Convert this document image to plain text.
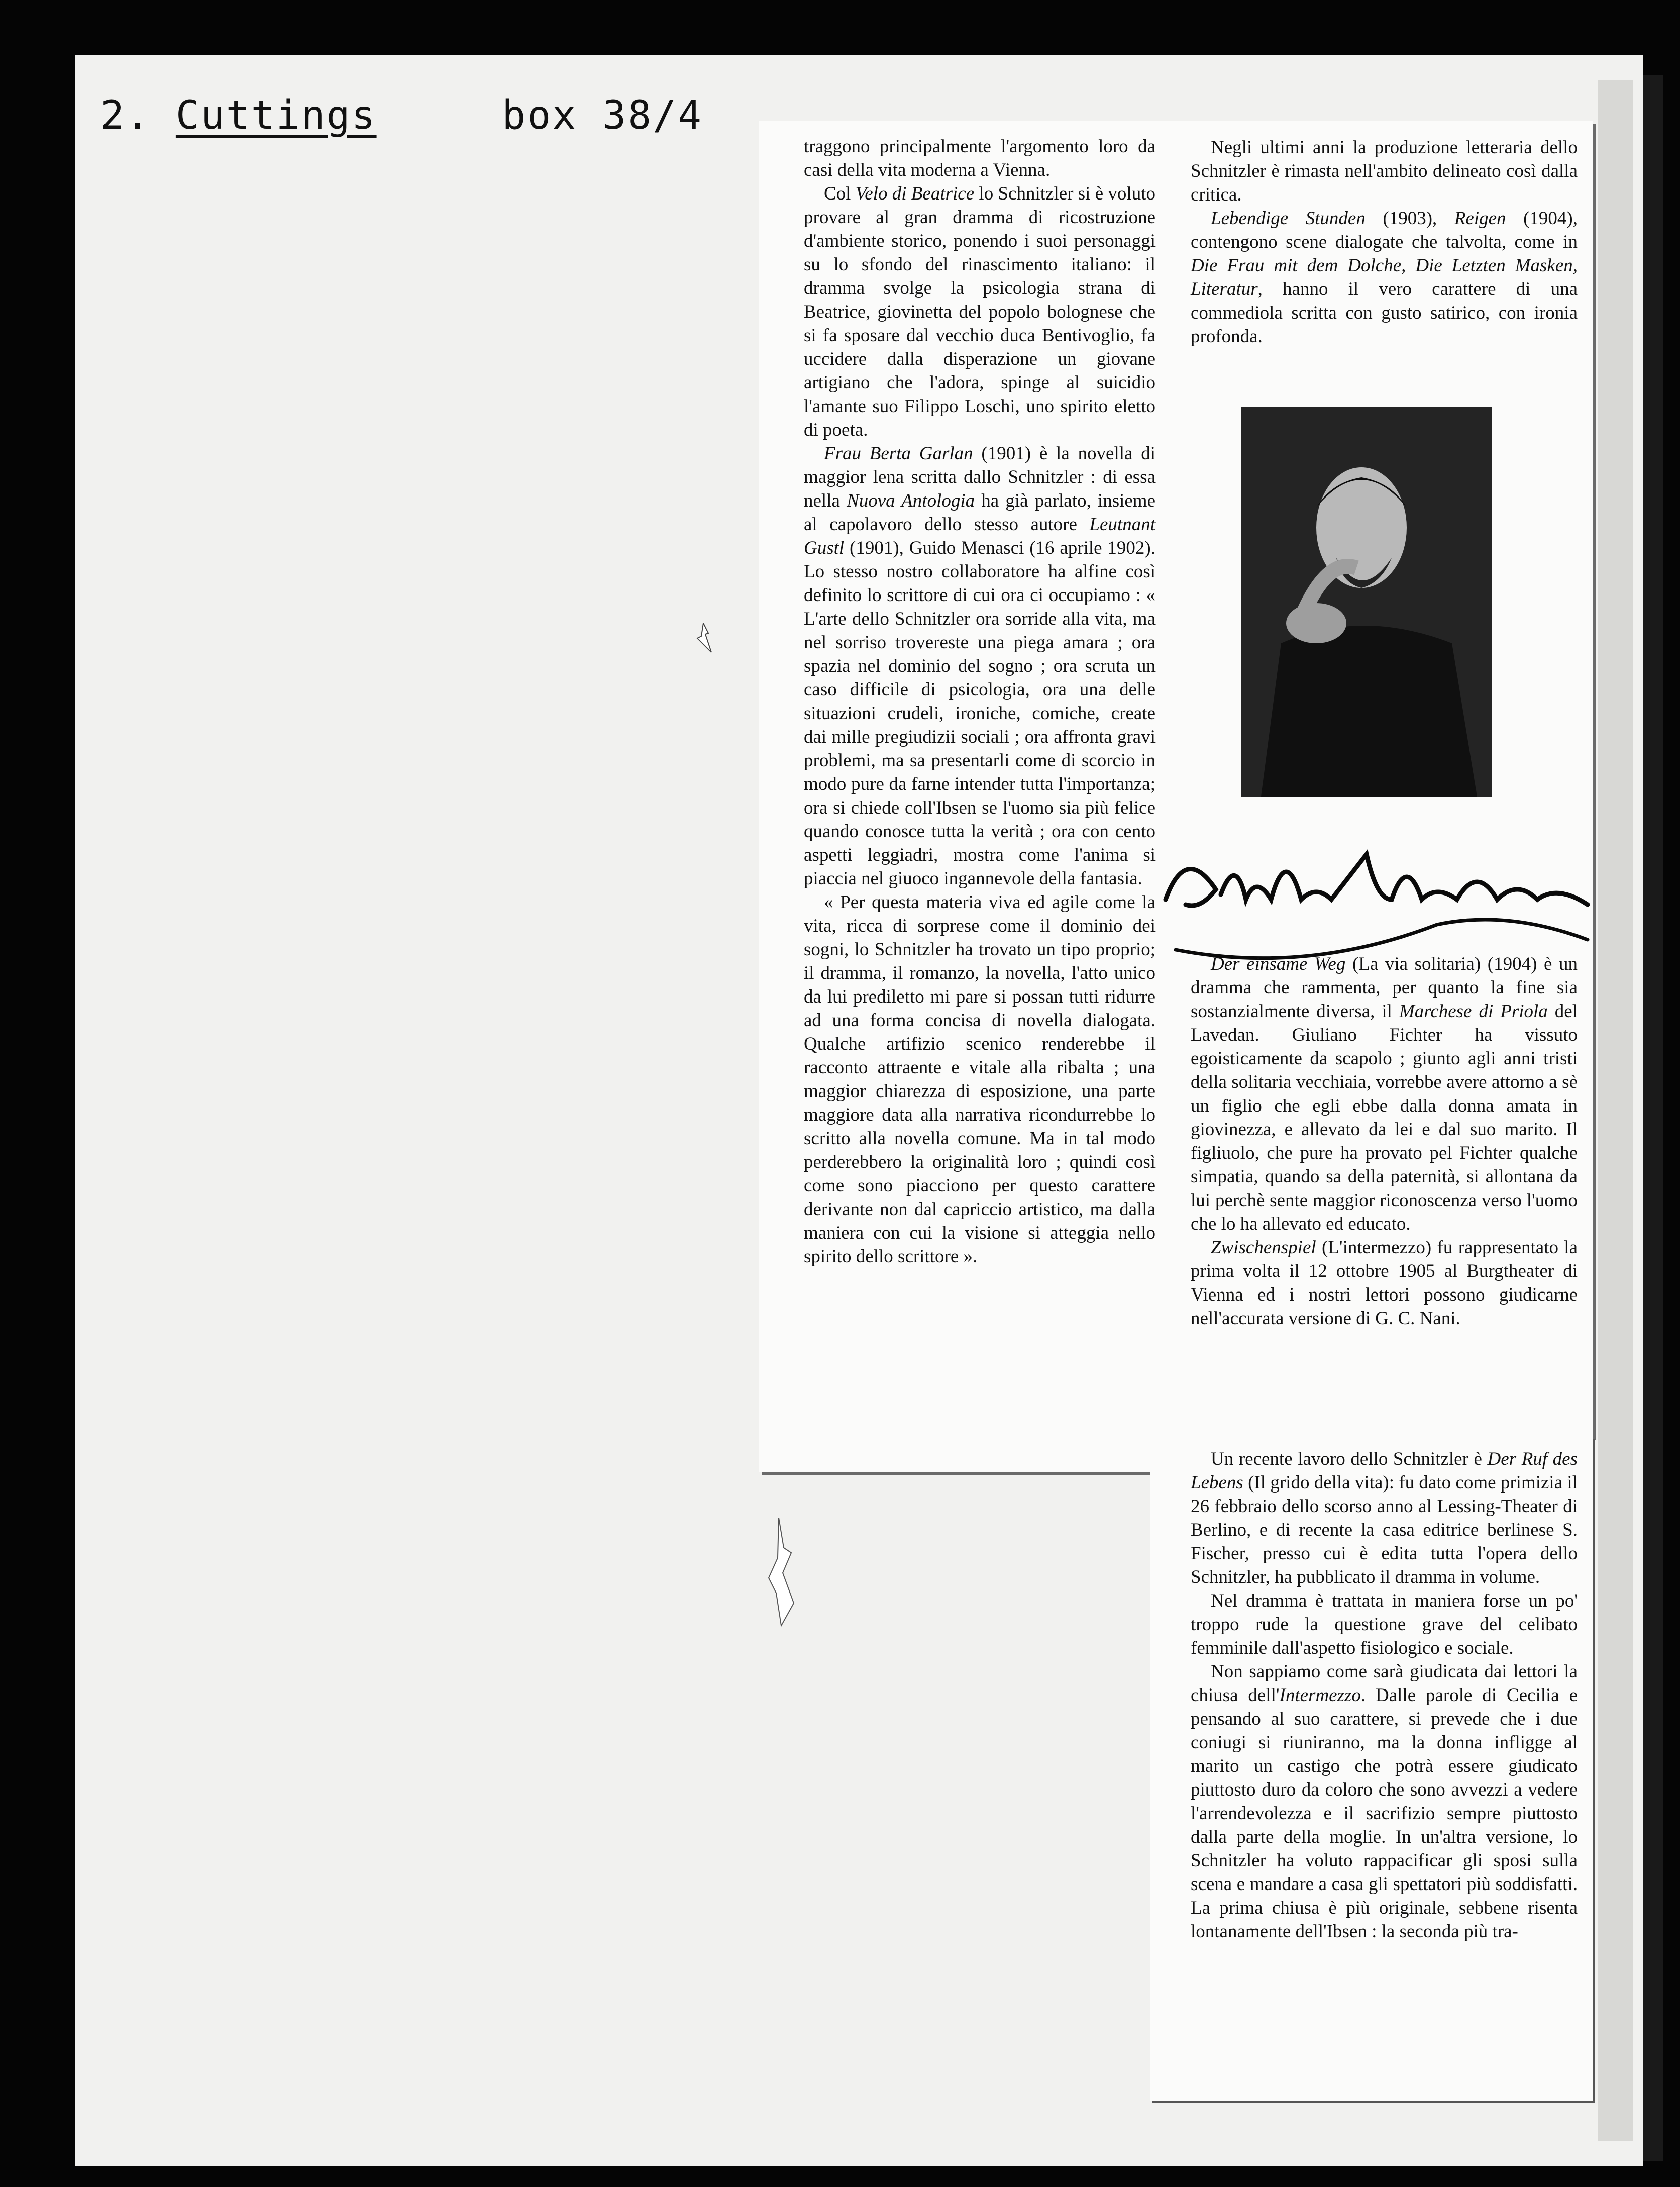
2. Cuttings	box 38/4

traggono principalmente l'argomento loro da casi della vita moderna a Vienna.

Col Velo di Beatrice lo Schnitzler si è voluto provare al gran dramma di ricostruzione d'ambiente storico, ponendo i suoi personaggi su lo sfondo del rinascimento italiano: il dramma svolge la psicologia strana di Beatrice, giovinetta del popolo bolognese che si fa sposare dal vecchio duca Bentivoglio, fa uccidere dalla disperazione un giovane artigiano che l'adora, spinge al suicidio l'amante suo Filippo Loschi, uno spirito eletto di poeta.

Frau Berta Garlan (1901) è la novella di maggior lena scritta dallo Schnitzler : di essa nella Nuova Antologia ha già parlato, insieme al capolavoro dello stesso autore Leutnant Gustl (1901), Guido Menasci (16 aprile 1902). Lo stesso nostro collaboratore ha alfine così definito lo scrittore di cui ora ci occupiamo : « L'arte dello Schnitzler ora sorride alla vita, ma nel sorriso trovereste una piega amara ; ora spazia nel dominio del sogno ; ora scruta un caso difficile di psicologia, ora una delle situazioni crudeli, ironiche, comiche, create dai mille pregiudizii sociali ; ora affronta gravi problemi, ma sa presentarli come di scorcio in modo pure da farne intender tutta l'importanza; ora si chiede coll'Ibsen se l'uomo sia più felice quando conosce tutta la verità ; ora con cento aspetti leggiadri, mostra come l'anima si piaccia nel giuoco ingannevole della fantasia.

« Per questa materia viva ed agile come la vita, ricca di sorprese come il dominio dei sogni, lo Schnitzler ha trovato un tipo proprio; il dramma, il romanzo, la novella, l'atto unico da lui prediletto mi pare si possan tutti ridurre ad una forma concisa di novella dialogata. Qualche artifizio scenico renderebbe il racconto attraente e vitale alla ribalta ; una maggior chiarezza di esposizione, una parte maggiore data alla narrativa ricondurrebbe lo scritto alla novella comune. Ma in tal modo perderebbero la originalità loro ; quindi così come sono piacciono per questo carattere derivante non dal capriccio artistico, ma dalla maniera con cui la visione si atteggia nello spirito dello scrittore ».

Negli ultimi anni la produzione letteraria dello Schnitzler è rimasta nell'ambito delineato così dalla critica.

Lebendige Stunden (1903), Reigen (1904), contengono scene dialogate che talvolta, come in Die Frau mit dem Dolche, Die Letzten Masken, Literatur, hanno il vero carattere di una commediola scritta con gusto satirico, con ironia profonda.

Der einsame Weg (La via solitaria) (1904) è un dramma che rammenta, per quanto la fine sia sostanzialmente diversa, il Marchese di Priola del Lavedan. Giuliano Fichter ha vissuto egoisticamente da scapolo ; giunto agli anni tristi della solitaria vecchiaia, vorrebbe avere attorno a sè un figlio che egli ebbe dalla donna amata in giovinezza, e allevato da lei e dal suo marito. Il figliuolo, che pure ha provato pel Fichter qualche simpatia, quando sa della paternità, si allontana da lui perchè sente maggior riconoscenza verso l'uomo che lo ha allevato ed educato.

Zwischenspiel (L'intermezzo) fu rappresentato la prima volta il 12 ottobre 1905 al Burgtheater di Vienna ed i nostri lettori possono giudicarne nell'accurata versione di G. C. Nani.

Un recente lavoro dello Schnitzler è Der Ruf des Lebens (Il grido della vita): fu dato come primizia il 26 febbraio dello scorso anno al Lessing-Theater di Berlino, e di recente la casa editrice berlinese S. Fischer, presso cui è edita tutta l'opera dello Schnitzler, ha pubblicato il dramma in volume.

Nel dramma è trattata in maniera forse un po' troppo rude la questione grave del celibato femminile dall'aspetto fisiologico e sociale.

Non sappiamo come sarà giudicata dai lettori la chiusa dell'Intermezzo. Dalle parole di Cecilia e pensando al suo carattere, si prevede che i due coniugi si riuniranno, ma la donna infligge al marito un castigo che potrà essere giudicato piuttosto duro da coloro che sono avvezzi a vedere l'arrendevolezza e il sacrifizio sempre piuttosto dalla parte della moglie. In un'altra versione, lo Schnitzler ha voluto rappacificar gli sposi sulla scena e mandare a casa gli spettatori più soddisfatti. La prima chiusa è più originale, sebbene risenta lontanamente dell'Ibsen : la seconda più tra-
